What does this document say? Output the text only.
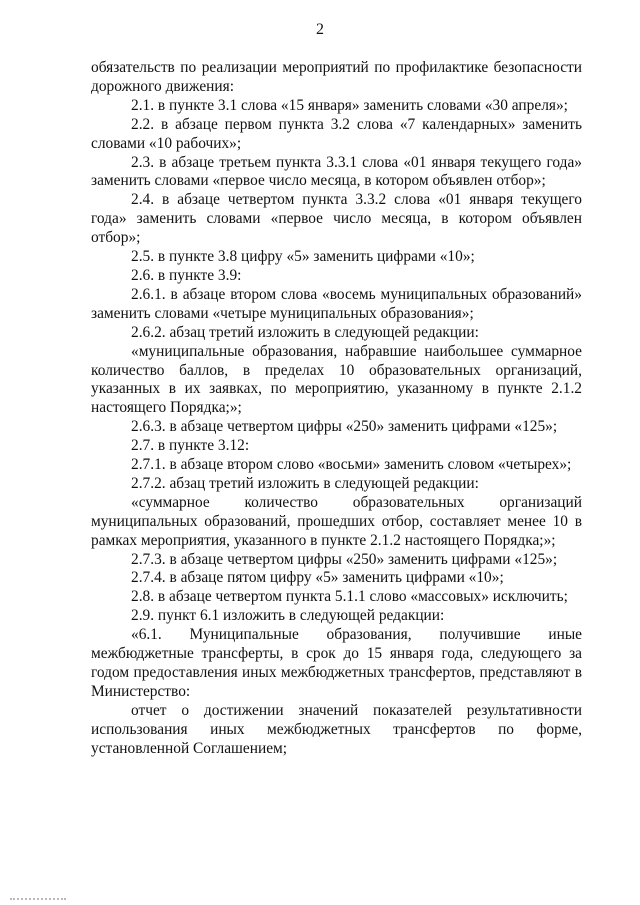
2

обязательств по реализации мероприятий по профилактике безопасности дорожного движения:

2.1. в пункте 3.1 слова «15 января» заменить словами «30 апреля»;

2.2. в абзаце первом пункта 3.2 слова «7 календарных» заменить словами «10 рабочих»;

2.3. в абзаце третьем пункта 3.3.1 слова «01 января текущего года» заменить словами «первое число месяца, в котором объявлен отбор»;

2.4. в абзаце четвертом пункта 3.3.2 слова «01 января текущего года» заменить словами «первое число месяца, в котором объявлен отбор»;

2.5. в пункте 3.8 цифру «5» заменить цифрами «10»;

2.6. в пункте 3.9:

2.6.1. в абзаце втором слова «восемь муниципальных образований» заменить словами «четыре муниципальных образования»;

2.6.2. абзац третий изложить в следующей редакции:

«муниципальные образования, набравшие наибольшее суммарное количество баллов, в пределах 10 образовательных организаций, указанных в их заявках, по мероприятию, указанному в пункте 2.1.2 настоящего Порядка;»;

2.6.3. в абзаце четвертом цифры «250» заменить цифрами «125»;

2.7. в пункте 3.12:

2.7.1. в абзаце втором слово «восьми» заменить словом «четырех»;

2.7.2. абзац третий изложить в следующей редакции:

«суммарное количество образовательных организаций муниципальных образований, прошедших отбор, составляет менее 10 в рамках мероприятия, указанного в пункте 2.1.2 настоящего Порядка;»;

2.7.3. в абзаце четвертом цифры «250» заменить цифрами «125»;

2.7.4. в абзаце пятом цифру «5» заменить цифрами «10»;

2.8. в абзаце четвертом пункта 5.1.1 слово «массовых» исключить;

2.9. пункт 6.1 изложить в следующей редакции:

«6.1. Муниципальные образования, получившие иные межбюджетные трансферты, в срок до 15 января года, следующего за годом предоставления иных межбюджетных трансфертов, представляют в Министерство:

отчет о достижении значений показателей результативности использования иных межбюджетных трансфертов по форме, установленной Соглашением;
